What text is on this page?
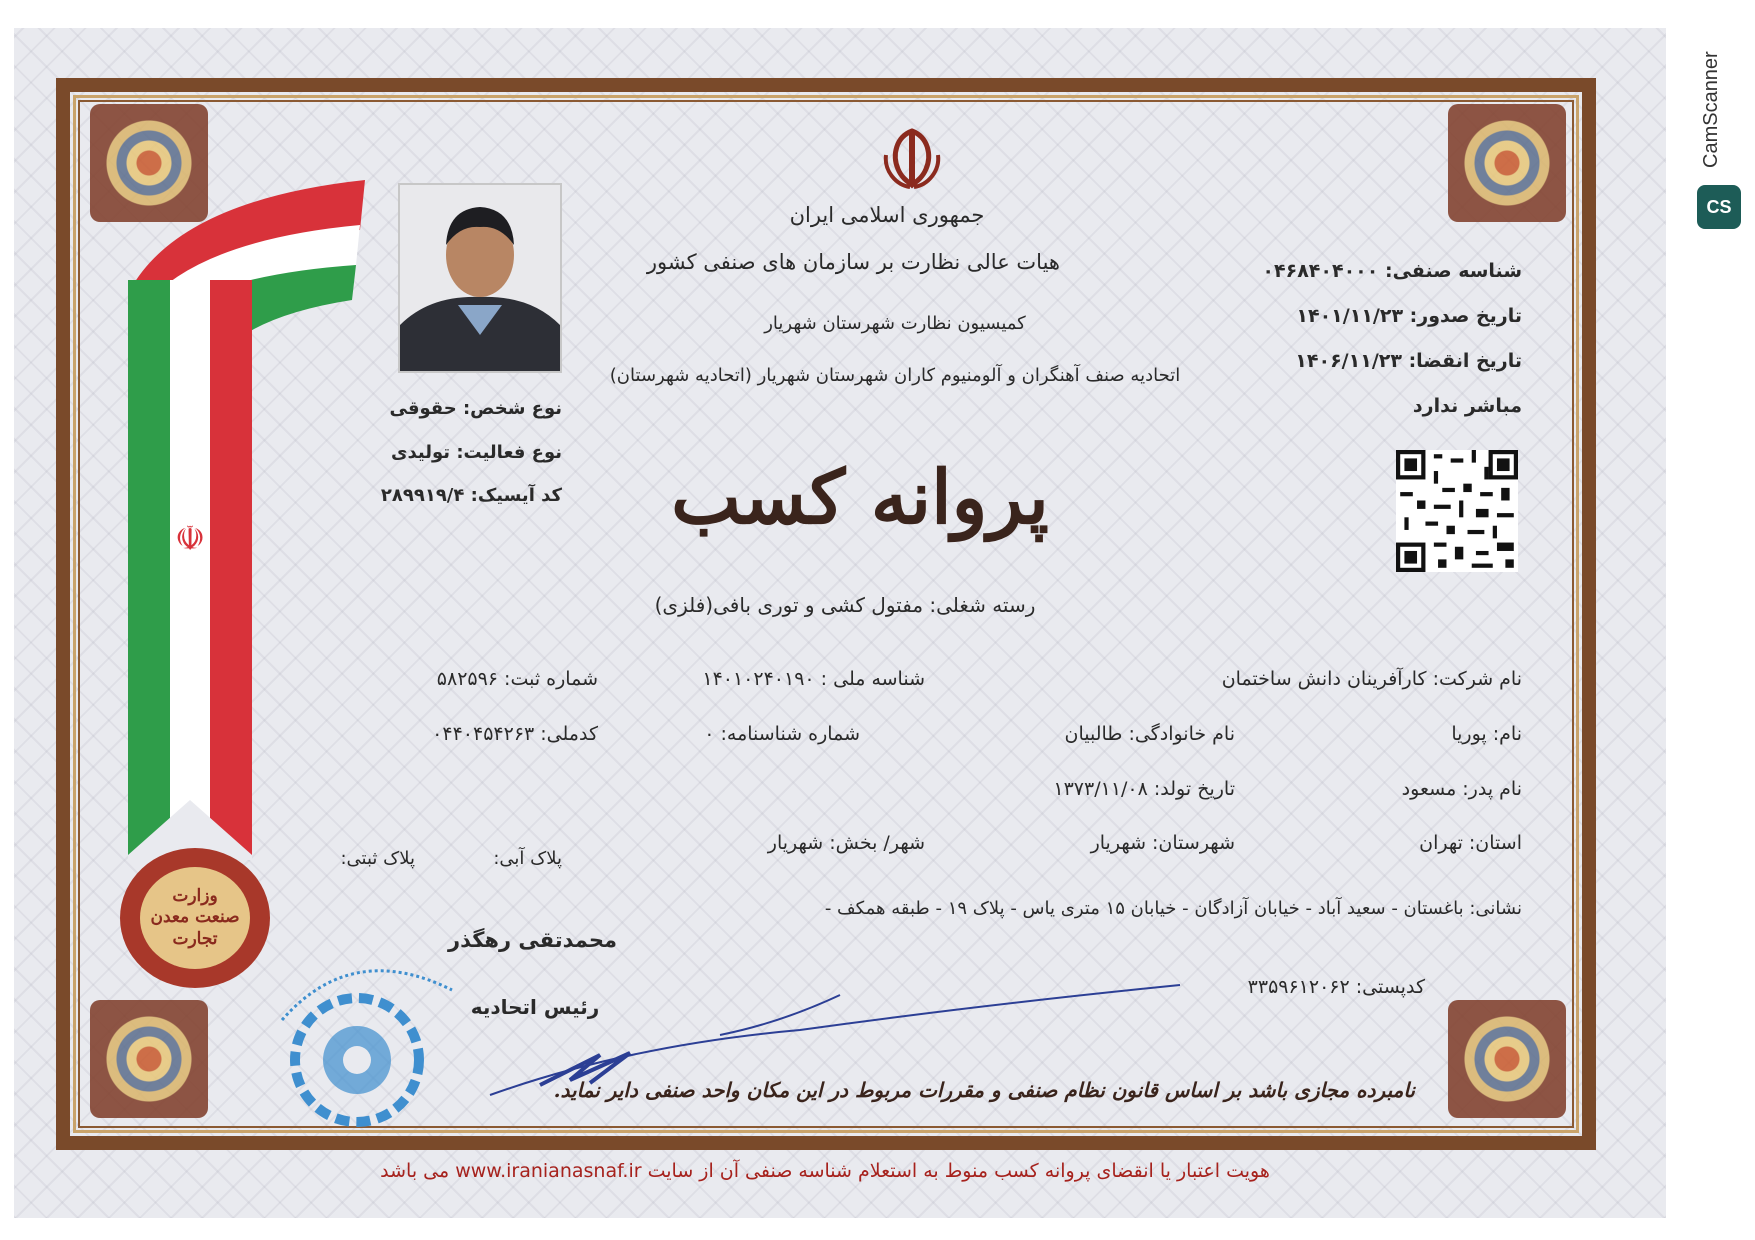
CamScanner
CS
☫
جمهوری اسلامی ایران
هیات عالی نظارت بر سازمان های صنفی کشور
کمیسیون نظارت شهرستان شهریار
اتحادیه صنف آهنگران و آلومنیوم کاران شهرستان شهریار (اتحادیه شهرستان)
شناسه صنفی: ۰۴۶۸۴۰۴۰۰۰
تاریخ صدور: ۱۴۰۱/۱۱/۲۳
تاریخ انقضا: ۱۴۰۶/۱۱/۲۳
مباشر ندارد
نوع شخص: حقوقی
نوع فعالیت: تولیدی
کد آیسیک: ۲۸۹۹۱۹/۴	پروانه کسب
رسته شغلی: مفتول کشی و توری بافی(فلزی)
نام شرکت: کارآفرینان دانش ساختمان
شناسه ملی : ۱۴۰۱۰۲۴۰۱۹۰
شماره ثبت: ۵۸۲۵۹۶
نام: پوریا
نام خانوادگی: طالبیان
شماره شناسنامه: ۰
کدملی: ۰۴۴۰۴۵۴۲۶۳
نام پدر: مسعود
تاریخ تولد: ۱۳۷۳/۱۱/۰۸
استان: تهران
شهرستان: شهریار
شهر/ بخش: شهریار
پلاک آبی:
پلاک ثبتی:
نشانی: باغستان - سعید آباد - خیابان آزادگان - خیابان ۱۵ متری یاس - پلاک ۱۹ - طبقه همکف -
کدپستی: ۳۳۵۹۶۱۲۰۶۲
محمدتقی رهگذر
رئیس اتحادیه
وزارت صنعت معدن تجارت
نامبرده مجازی باشد بر اساس قانون نظام صنفی و مقررات مربوط در این مکان واحد صنفی دایر نماید.
هویت اعتبار یا انقضای پروانه کسب منوط به استعلام شناسه صنفی آن از سایت www.iranianasnaf.ir می باشد
